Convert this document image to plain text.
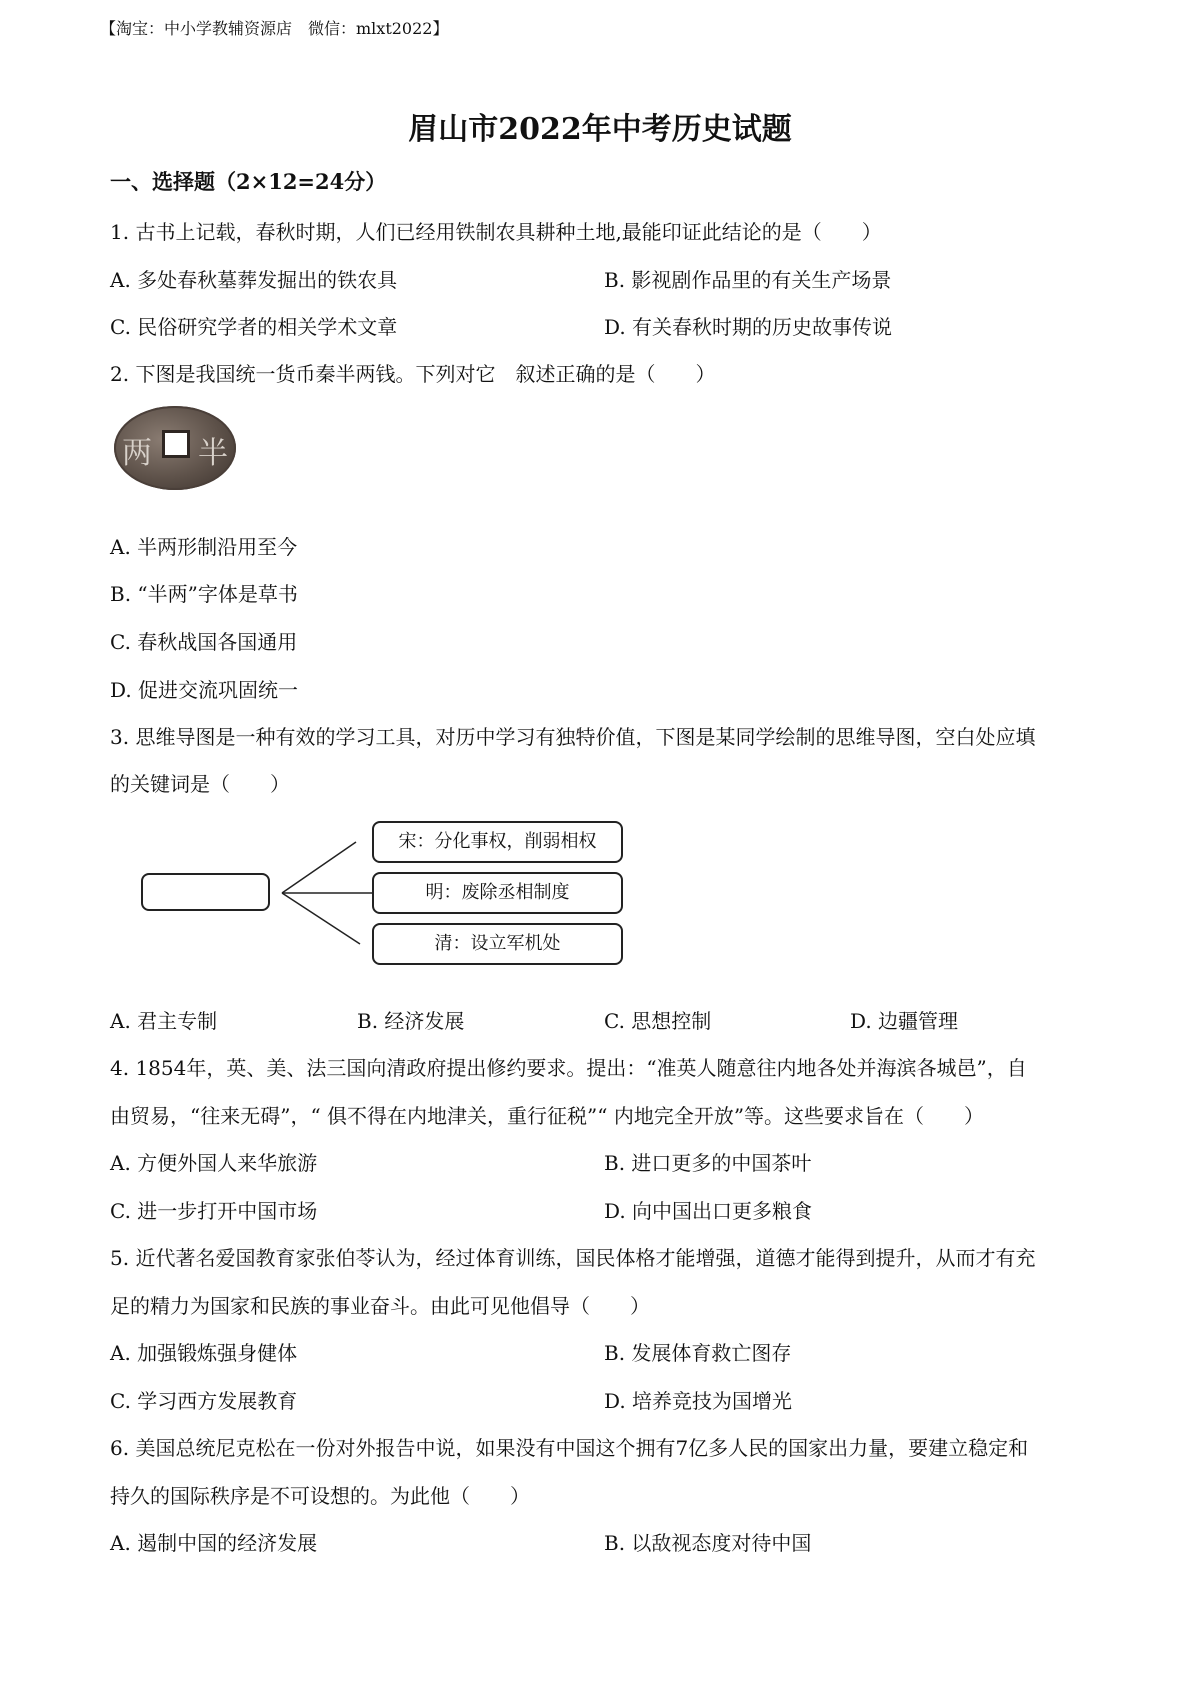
【淘宝：中小学教辅资源店　微信：mlxt2022】
眉山市2022年中考历史试题
一、选择题（2×12=24分）
1. 古书上记载，春秋时期，人们已经用铁制农具耕种土地,最能印证此结论的是（　　）
A. 多处春秋墓葬发掘出的铁农具	B. 影视剧作品里的有关生产场景
C. 民俗研究学者的相关学术文章	D. 有关春秋时期的历史故事传说
2. 下图是我国统一货币秦半两钱。下列对它　叙述正确的是（　　）
两 半
A. 半两形制沿用至今
B. “半两”字体是草书
C. 春秋战国各国通用
D. 促进交流巩固统一
3. 思维导图是一种有效的学习工具，对历中学习有独特价值，下图是某同学绘制的思维导图，空白处应填
的关键词是（　　）
宋：分化事权，削弱相权
明：废除丞相制度
清：设立军机处
A. 君主专制	B. 经济发展	C. 思想控制	D. 边疆管理
4. 1854年，英、美、法三国向清政府提出修约要求。提出：“准英人随意往内地各处并海滨各城邑”，自
由贸易，“往来无碍”，“ 俱不得在内地津关，重行征税”“ 内地完全开放”等。这些要求旨在（　　）
A. 方便外国人来华旅游	B. 进口更多的中国茶叶
C. 进一步打开中国市场	D. 向中国出口更多粮食
5. 近代著名爱国教育家张伯苓认为，经过体育训练，国民体格才能增强，道德才能得到提升，从而才有充
足的精力为国家和民族的事业奋斗。由此可见他倡导（　　）
A. 加强锻炼强身健体	B. 发展体育救亡图存
C. 学习西方发展教育	D. 培养竞技为国增光
6. 美国总统尼克松在一份对外报告中说，如果没有中国这个拥有7亿多人民的国家出力量，要建立稳定和
持久的国际秩序是不可设想的。为此他（　　）
A. 遏制中国的经济发展	B. 以敌视态度对待中国
